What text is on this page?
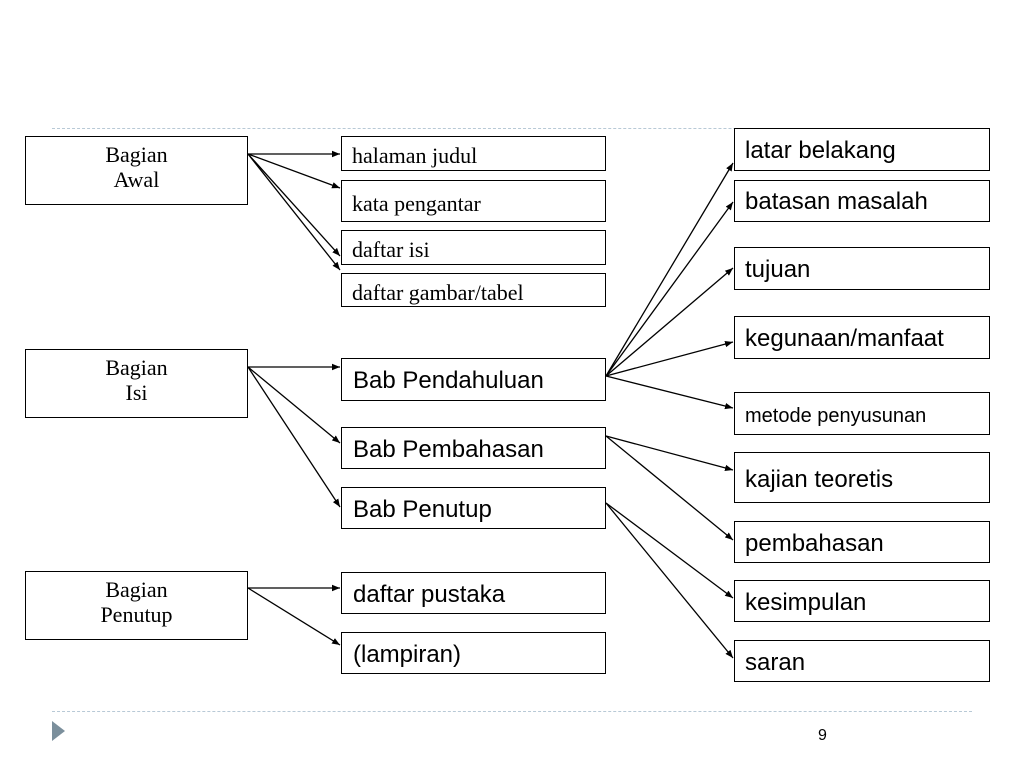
Bagian
Awal
Bagian
Isi
Bagian
Penutup
halaman judul
kata pengantar
daftar isi
daftar gambar/tabel
Bab Pendahuluan
Bab Pembahasan
Bab Penutup
daftar pustaka
(lampiran)
latar belakang
batasan masalah
tujuan
kegunaan/manfaat
metode penyusunan
kajian teoretis
pembahasan
kesimpulan
saran
9
